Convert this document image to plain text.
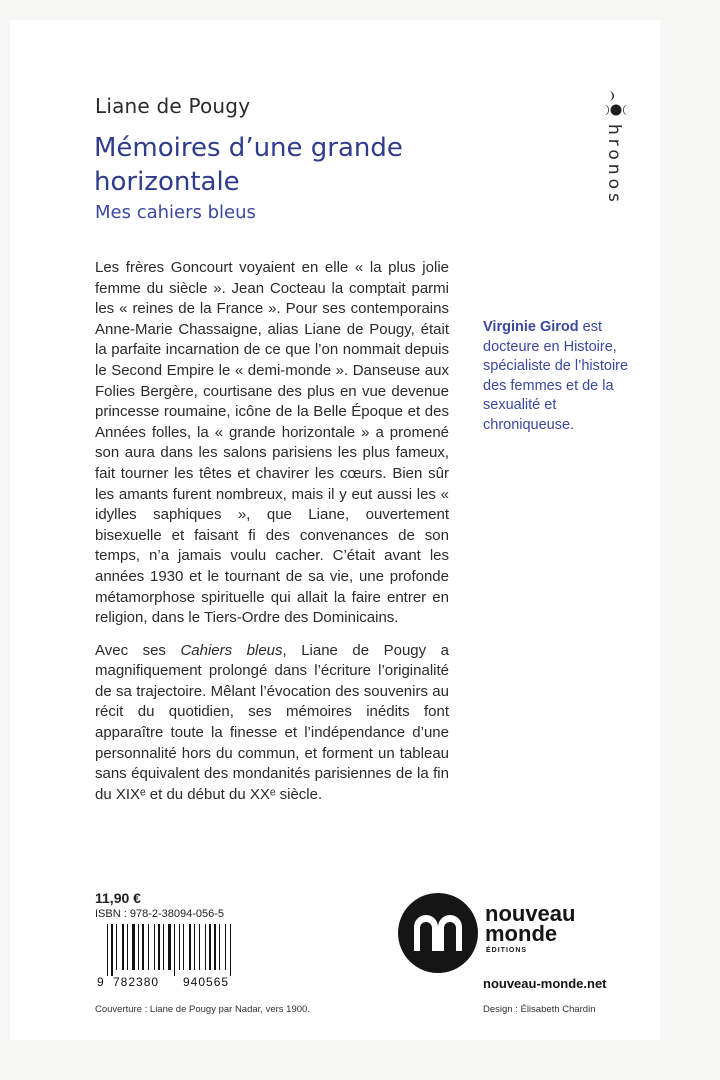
Liane de Pougy
Mémoires d’une grande horizontale
Mes cahiers bleus
hronos

Les frères Goncourt voyaient en elle « la plus jolie femme du siècle ». Jean Cocteau la comptait parmi les « reines de la France ». Pour ses contemporains Anne-Marie Chassaigne, alias Liane de Pougy, était la parfaite incarnation de ce que l’on nommait depuis le Second Empire le « demi-monde ». Danseuse aux Folies Bergère, courtisane des plus en vue devenue princesse roumaine, icône de la Belle Époque et des Années folles, la « grande horizontale » a promené son aura dans les salons parisiens les plus fameux, fait tourner les têtes et chavirer les cœurs. Bien sûr les amants furent nombreux, mais il y eut aussi les « idylles saphiques », que Liane, ouvertement bisexuelle et faisant fi des convenances de son temps, n’a jamais voulu cacher. C’était avant les années 1930 et le tournant de sa vie, une profonde métamorphose spirituelle qui allait la faire entrer en religion, dans le Tiers-Ordre des Dominicains.

Avec ses Cahiers bleus, Liane de Pougy a magnifiquement prolongé dans l’écriture l’originalité de sa trajectoire. Mêlant l’évocation des souvenirs au récit du quotidien, ses mémoires inédits font apparaître toute la finesse et l’indépendance d’une personnalité hors du commun, et forment un tableau sans équivalent des mondanités parisiennes de la fin du XIXᵉ et du début du XXᵉ siècle.

Virginie Girod est docteure en Histoire, spécialiste de l’histoire des femmes et de la sexualité et chroniqueuse.
11,90 €
ISBN : 978-2-38094-056-5
9 782380 940565
Couverture : Liane de Pougy par Nadar, vers 1900.
nouveau
monde
ÉDITIONS
nouveau-monde.net
Design : Élisabeth Chardin
